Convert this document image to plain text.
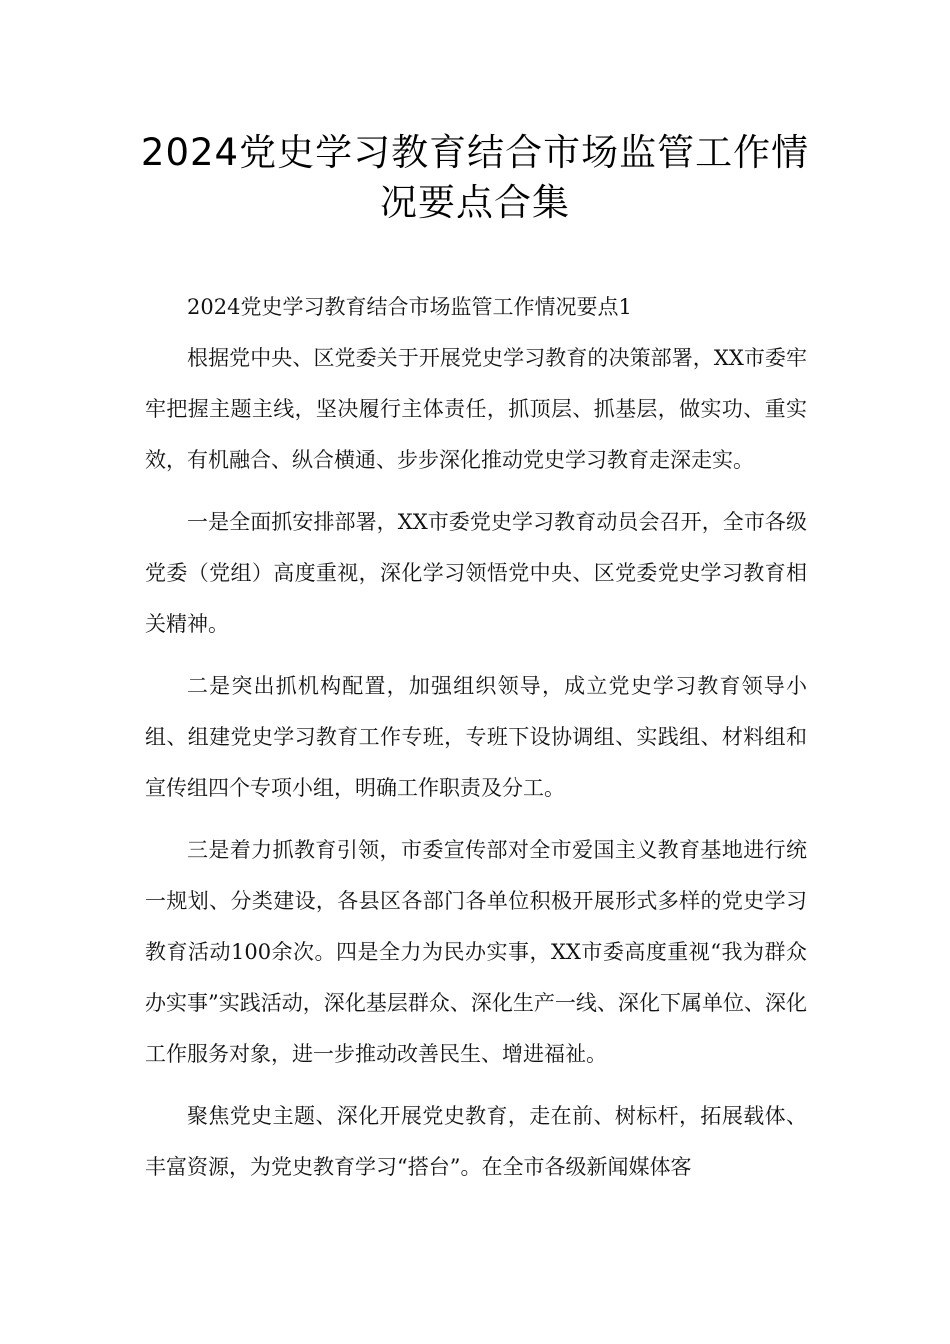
2024党史学习教育结合市场监管工作情
况要点合集

2024党史学习教育结合市场监管工作情况要点1

根据党中央、区党委关于开展党史学习教育的决策部署，XX市委牢牢把握主题主线，坚决履行主体责任，抓顶层、抓基层，做实功、重实效，有机融合、纵合横通、步步深化推动党史学习教育走深走实。

一是全面抓安排部署，XX市委党史学习教育动员会召开，全市各级党委（党组）高度重视，深化学习领悟党中央、区党委党史学习教育相关精神。

二是突出抓机构配置，加强组织领导，成立党史学习教育领导小组、组建党史学习教育工作专班，专班下设协调组、实践组、材料组和宣传组四个专项小组，明确工作职责及分工。

三是着力抓教育引领，市委宣传部对全市爱国主义教育基地进行统一规划、分类建设，各县区各部门各单位积极开展形式多样的党史学习教育活动100余次。四是全力为民办实事，XX市委高度重视“我为群众办实事”实践活动，深化基层群众、深化生产一线、深化下属单位、深化工作服务对象，进一步推动改善民生、增进福祉。

聚焦党史主题、深化开展党史教育，走在前、树标杆，拓展载体、丰富资源，为党史教育学习“搭台”。在全市各级新闻媒体客
